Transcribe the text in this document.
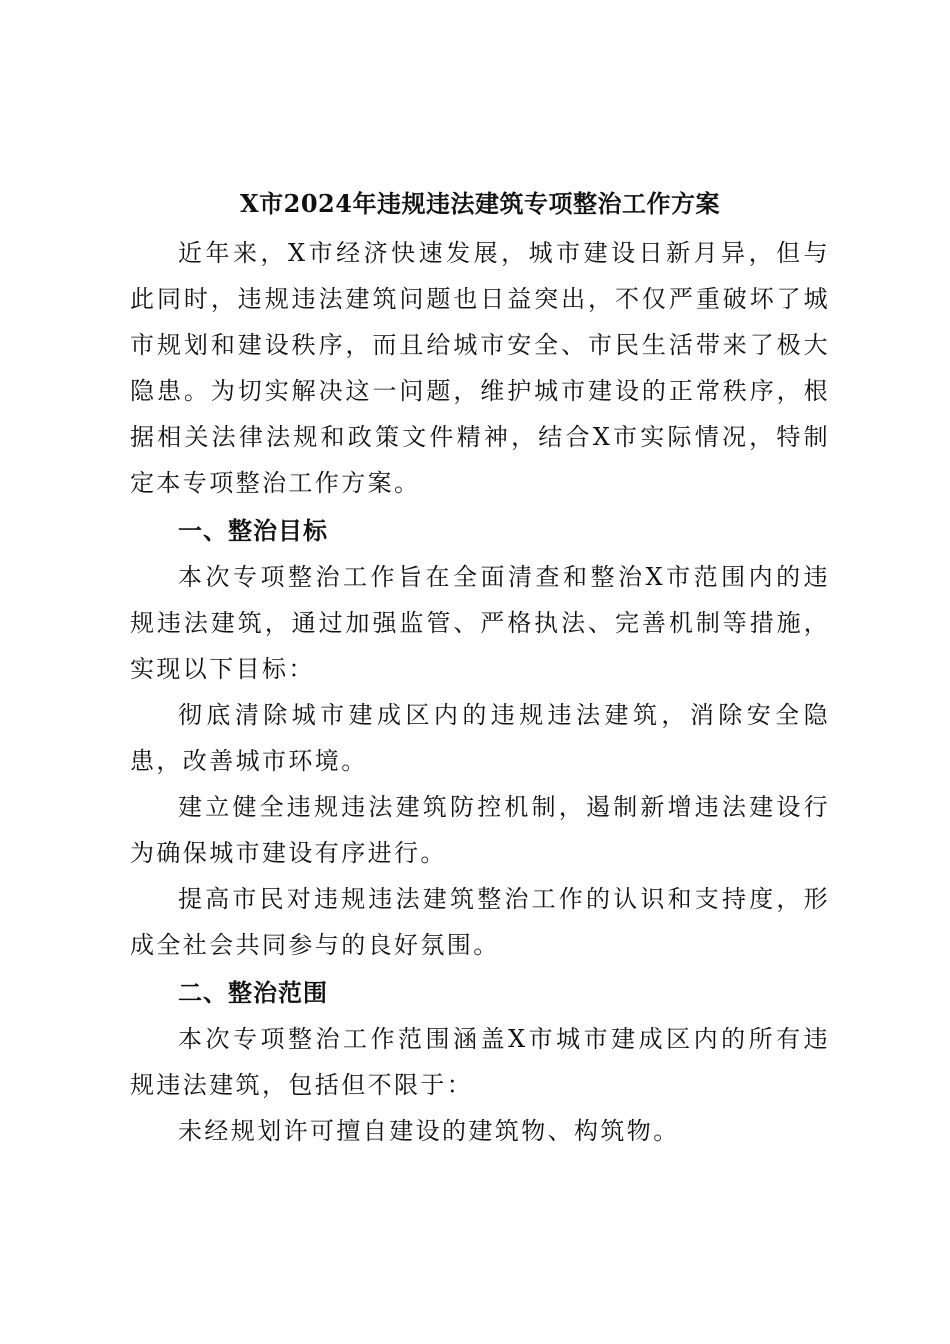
X市2024年违规违法建筑专项整治工作方案

近年来，X市经济快速发展，城市建设日新月异，但与此同时，违规违法建筑问题也日益突出，不仅严重破坏了城市规划和建设秩序，而且给城市安全、市民生活带来了极大隐患。为切实解决这一问题，维护城市建设的正常秩序，根据相关法律法规和政策文件精神，结合X市实际情况，特制定本专项整治工作方案。

一、整治目标

本次专项整治工作旨在全面清查和整治X市范围内的违规违法建筑，通过加强监管、严格执法、完善机制等措施，实现以下目标：

彻底清除城市建成区内的违规违法建筑，消除安全隐患，改善城市环境。

建立健全违规违法建筑防控机制，遏制新增违法建设行为确保城市建设有序进行。

提高市民对违规违法建筑整治工作的认识和支持度，形成全社会共同参与的良好氛围。

二、整治范围

本次专项整治工作范围涵盖X市城市建成区内的所有违规违法建筑，包括但不限于：

未经规划许可擅自建设的建筑物、构筑物。
